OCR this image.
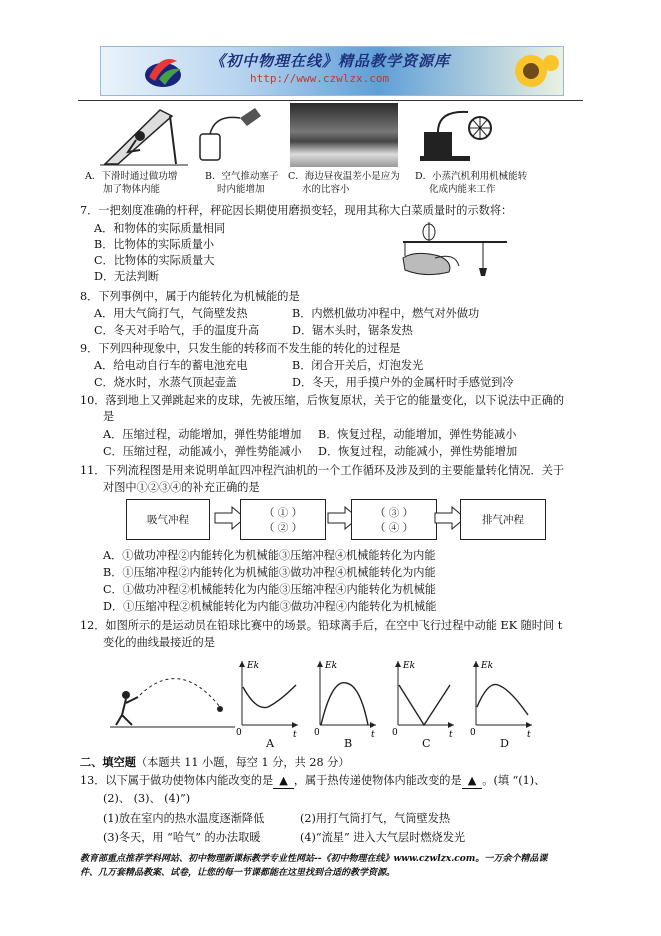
《初中物理在线》精品教学资源库
http://www.czwlzx.com
A．下滑时通过做功增
加了物体内能
B．空气推动塞子
时内能增加
C．海边昼夜温差小是应为
水的比容小
D．小蒸汽机利用机械能转
化成内能来工作
7．一把刻度准确的杆秤，秤砣因长期使用磨损变轻，现用其称大白菜质量时的示数将：
A．和物体的实际质量相同
B．比物体的实际质量小
C．比物体的实际质量大
D．无法判断
8．下列事例中，属于内能转化为机械能的是
A．用大气筒打气，气筒壁发热	B．内燃机做功冲程中，燃气对外做功
C．冬天对手哈气，手的温度升高	D．锯木头时，锯条发热
9．下列四种现象中，只发生能的转移而不发生能的转化的过程是
A．给电动自行车的蓄电池充电	B．闭合开关后，灯泡发光
C．烧水时，水蒸气顶起壶盖	D．冬天，用手摸户外的金属杆时手感觉到冷
10．落到地上又弹跳起来的皮球，先被压缩，后恢复原状，关于它的能量变化，以下说法中正确的
是
A．压缩过程，动能增加，弹性势能增加 B．恢复过程，动能增加，弹性势能减小
C．压缩过程，动能减小，弹性势能减小 D．恢复过程，动能减小，弹性势能增加
11．下列流程图是用来说明单缸四冲程汽油机的一个工作循环及涉及到的主要能量转化情况．关于
对图中①②③④的补充正确的是
吸气冲程
（ ① ）
（ ② ）
（ ③ ）
（ ④ ）
排气冲程
A．①做功冲程②内能转化为机械能③压缩冲程④机械能转化为内能
B．①压缩冲程②内能转化为机械能③做功冲程④机械能转化为内能
C．①做功冲程②机械能转化为内能③压缩冲程④内能转化为机械能
D．①压缩冲程②机械能转化为内能③做功冲程④内能转化为机械能
12．如图所示的是运动员在铅球比赛中的场景。铅球离手后，在空中飞行过程中动能 EK 随时间 t
变化的曲线最接近的是
0
Ek
t
A
0
Ek
t
B
0
Ek
t
C
0
Ek
t
D
二、填空题（本题共 11 小题，每空 1 分，共 28 分）
13．以下属于做功使物体内能改变的是 ▲ ，属于热传递使物体内能改变的是 ▲ 。(填 “(1)、
(2)、 (3)、 (4)”)
(1)放在室内的热水温度逐渐降低	(2)用打气筒打气，气筒壁发热
(3)冬天，用 “哈气” 的办法取暖	(4)“流星” 进入大气层时燃烧发光
教育部重点推荐学科网站、初中物理新课标教学专业性网站--《初中物理在线》www.czwlzx.com。一万余个精品课
件、几万套精品教案、试卷，让您的每一节课都能在这里找到合适的教学资源。
